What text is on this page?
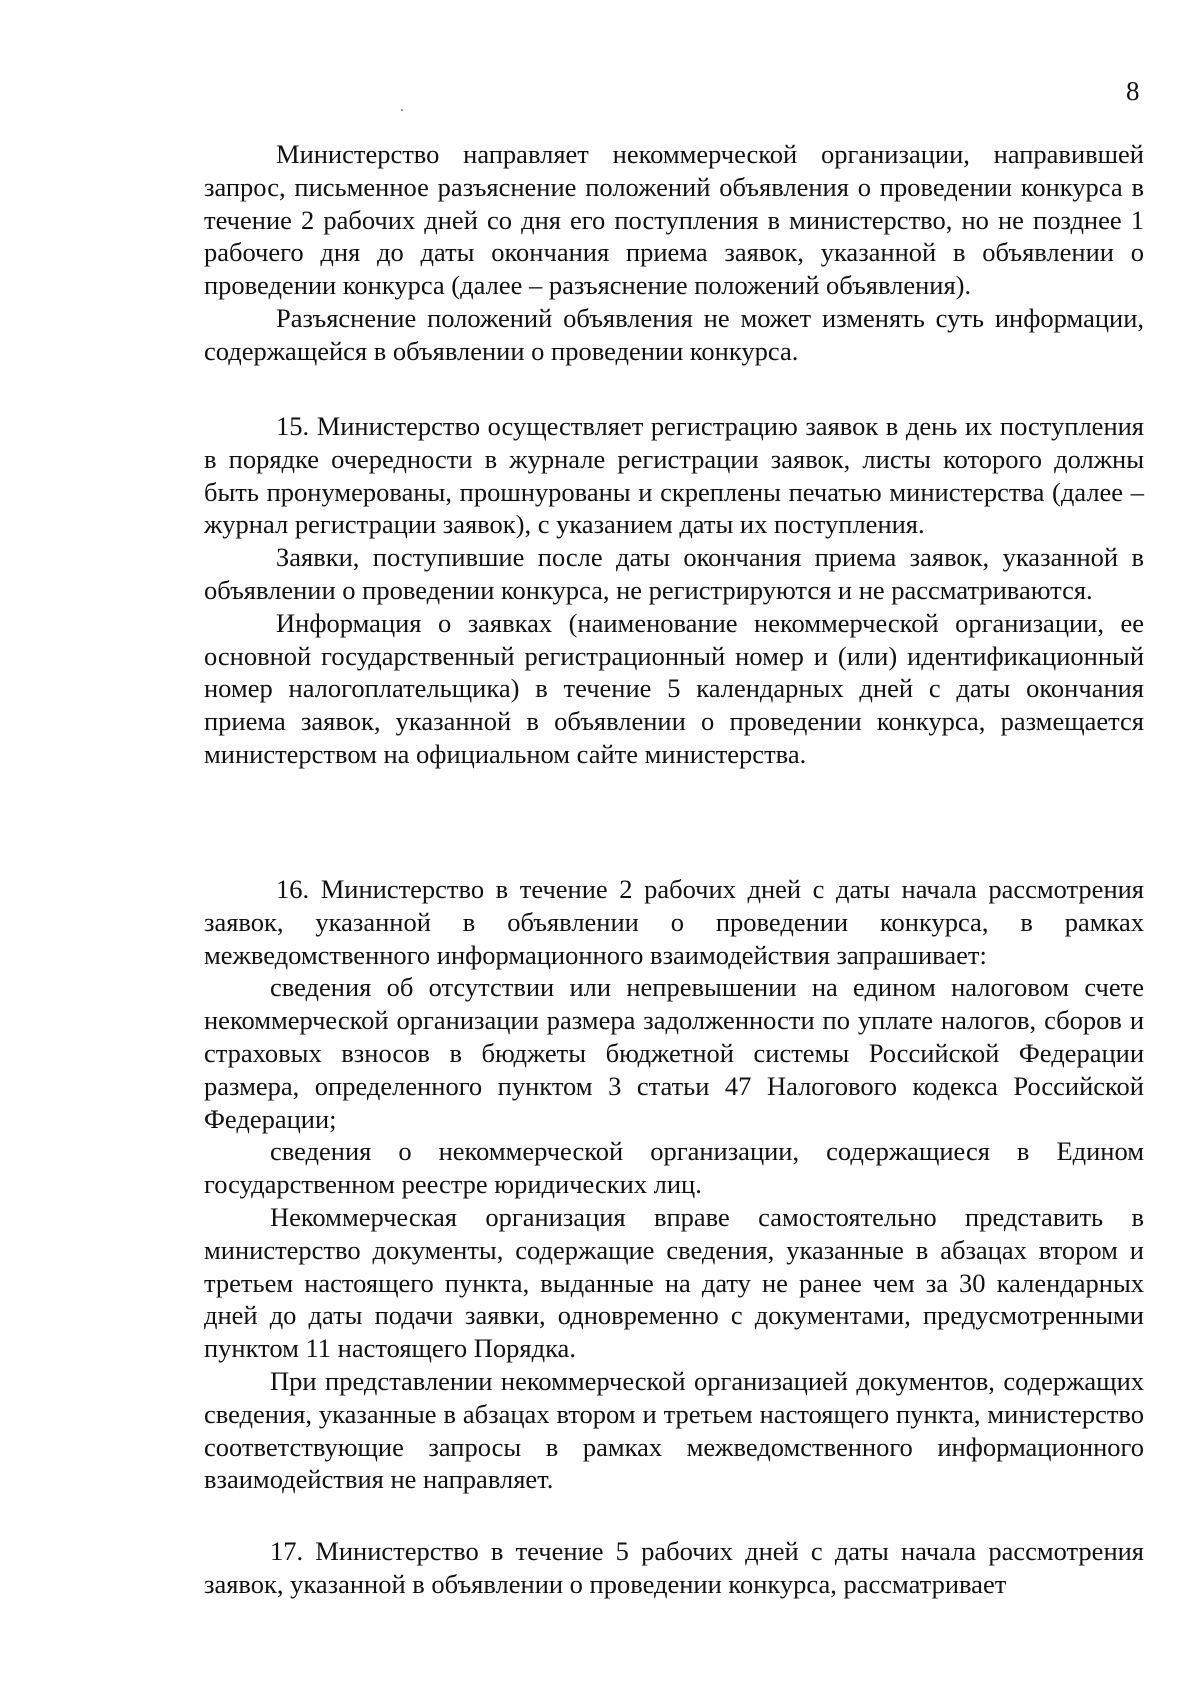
8

Министерство направляет некоммерческой организации, направившей запрос, письменное разъяснение положений объявления о проведении конкурса в течение 2 рабочих дней со дня его поступления в министерство, но не позднее 1 рабочего дня до даты окончания приема заявок, указанной в объявлении о проведении конкурса (далее – разъяснение положений объявления).

Разъяснение положений объявления не может изменять суть информации, содержащейся в объявлении о проведении конкурса.

15. Министерство осуществляет регистрацию заявок в день их поступления в порядке очередности в журнале регистрации заявок, листы которого должны быть пронумерованы, прошнурованы и скреплены печатью министерства (далее – журнал регистрации заявок), с указанием даты их поступления.

Заявки, поступившие после даты окончания приема заявок, указанной в объявлении о проведении конкурса, не регистрируются и не рассматриваются.

Информация о заявках (наименование некоммерческой организации, ее основной государственный регистрационный номер и (или) идентификационный номер налогоплательщика) в течение 5 календарных дней с даты окончания приема заявок, указанной в объявлении о проведении конкурса, размещается министерством на официальном сайте министерства.

16. Министерство в течение 2 рабочих дней с даты начала рассмотрения заявок, указанной в объявлении о проведении конкурса, в рамках межведомственного информационного взаимодействия запрашивает:

сведения об отсутствии или непревышении на едином налоговом счете некоммерческой организации размера задолженности по уплате налогов, сборов и страховых взносов в бюджеты бюджетной системы Российской Федерации размера, определенного пунктом 3 статьи 47 Налогового кодекса Российской Федерации;

сведения о некоммерческой организации, содержащиеся в Едином государственном реестре юридических лиц.

Некоммерческая организация вправе самостоятельно представить в министерство документы, содержащие сведения, указанные в абзацах втором и третьем настоящего пункта, выданные на дату не ранее чем за 30 календарных дней до даты подачи заявки, одновременно с документами, предусмотренными пунктом 11 настоящего Порядка.

При представлении некоммерческой организацией документов, содержащих сведения, указанные в абзацах втором и третьем настоящего пункта, министерство соответствующие запросы в рамках межведомственного информационного взаимодействия не направляет.

17. Министерство в течение 5 рабочих дней с даты начала рассмотрения заявок, указанной в объявлении о проведении конкурса, рассматривает
